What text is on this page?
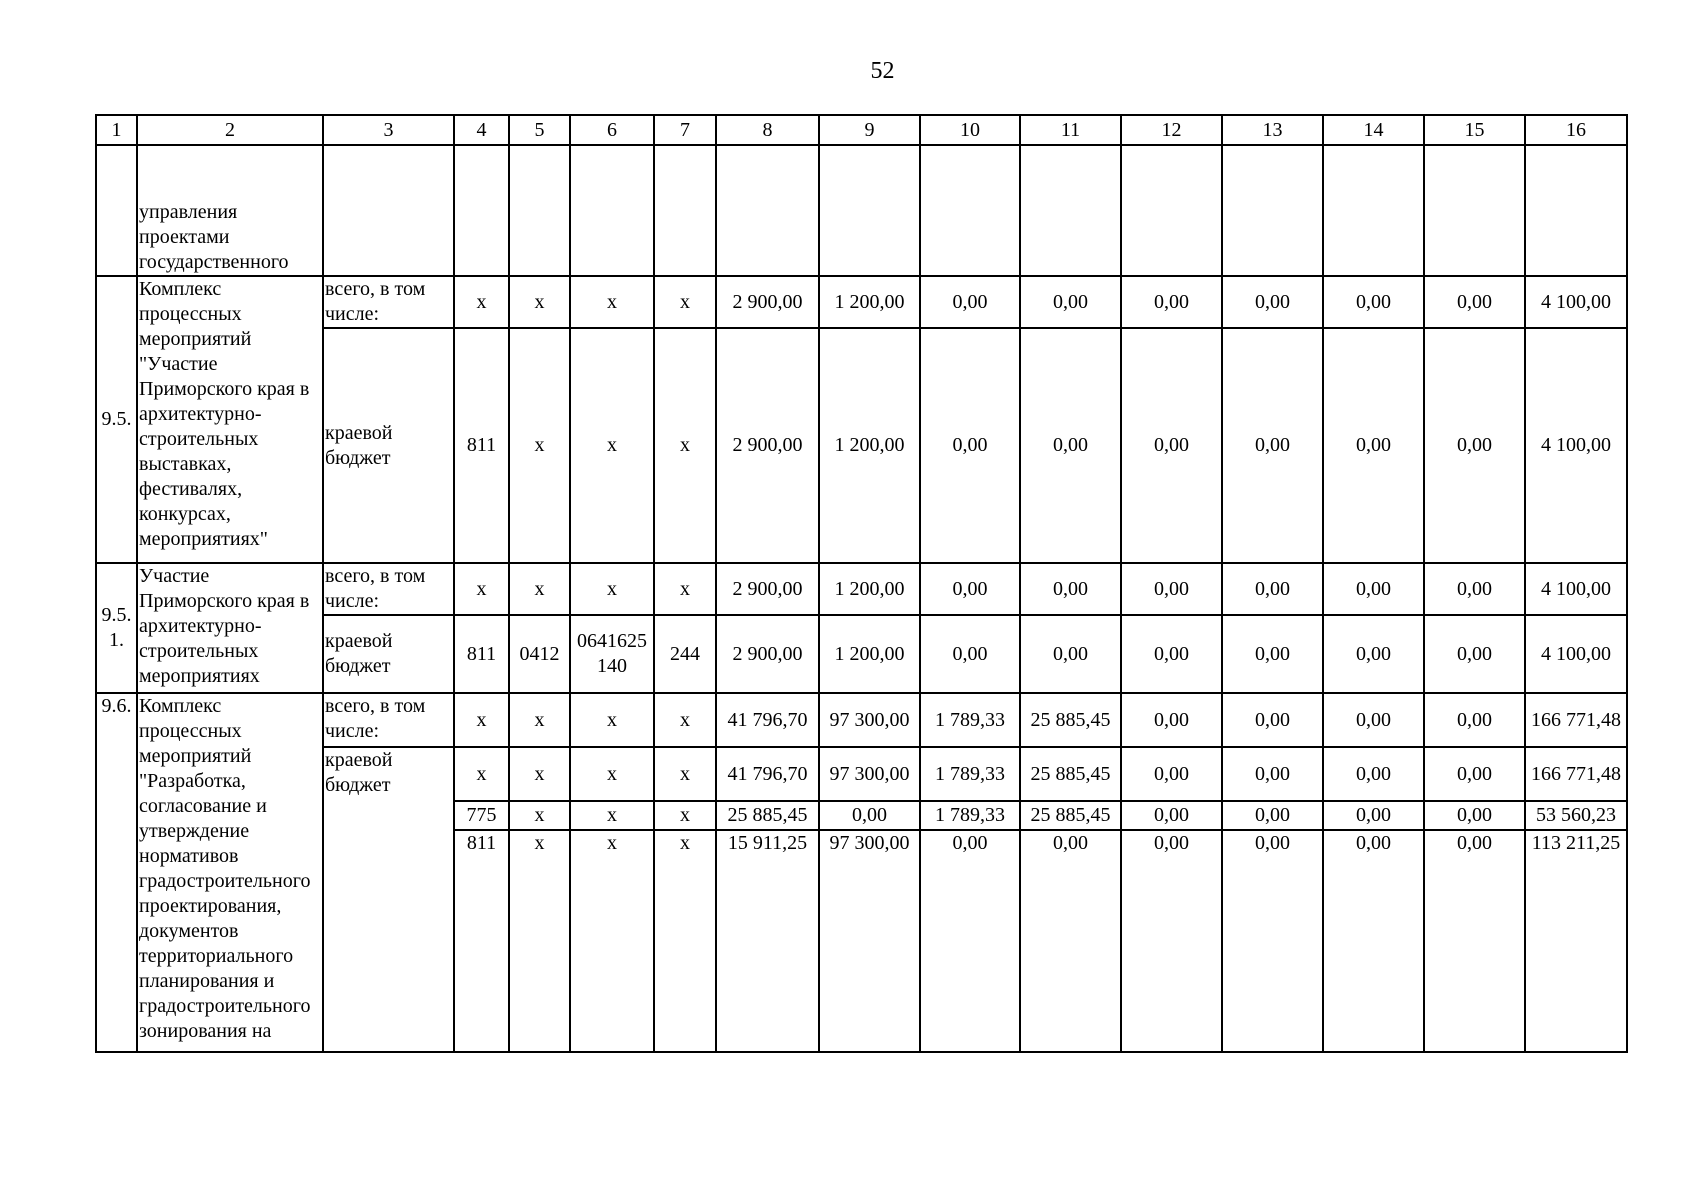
52
1	2	3	4	5	6	7	8	9	10	11	12	13	14	15	16
	управления проектами государственного														
9.5.	Комплекс процессных мероприятий "Участие Приморского края в архитектурно-строительных выставках, фестивалях, конкурсах, мероприятиях"	всего, в том числе:	х	х	х	х	2 900,00	1 200,00	0,00	0,00	0,00	0,00	0,00	0,00	4 100,00
		краевой бюджет	811	х	х	х	2 900,00	1 200,00	0,00	0,00	0,00	0,00	0,00	0,00	4 100,00
9.5. 1.	Участие Приморского края в архитектурно-строительных мероприятиях	всего, в том числе:	х	х	х	х	2 900,00	1 200,00	0,00	0,00	0,00	0,00	0,00	0,00	4 100,00
		краевой бюджет	811	0412	0641625140	244	2 900,00	1 200,00	0,00	0,00	0,00	0,00	0,00	0,00	4 100,00
9.6.	Комплекс процессных мероприятий "Разработка, согласование и утверждение нормативов градостроительного проектирования, документов территориального планирования и градостроительного зонирования на	всего, в том числе:	х	х	х	х	41 796,70	97 300,00	1 789,33	25 885,45	0,00	0,00	0,00	0,00	166 771,48
		краевой бюджет	х	х	х	х	41 796,70	97 300,00	1 789,33	25 885,45	0,00	0,00	0,00	0,00	166 771,48
			775	х	х	х	25 885,45	0,00	1 789,33	25 885,45	0,00	0,00	0,00	0,00	53 560,23
			811	х	х	х	15 911,25	97 300,00	0,00	0,00	0,00	0,00	0,00	0,00	113 211,25
